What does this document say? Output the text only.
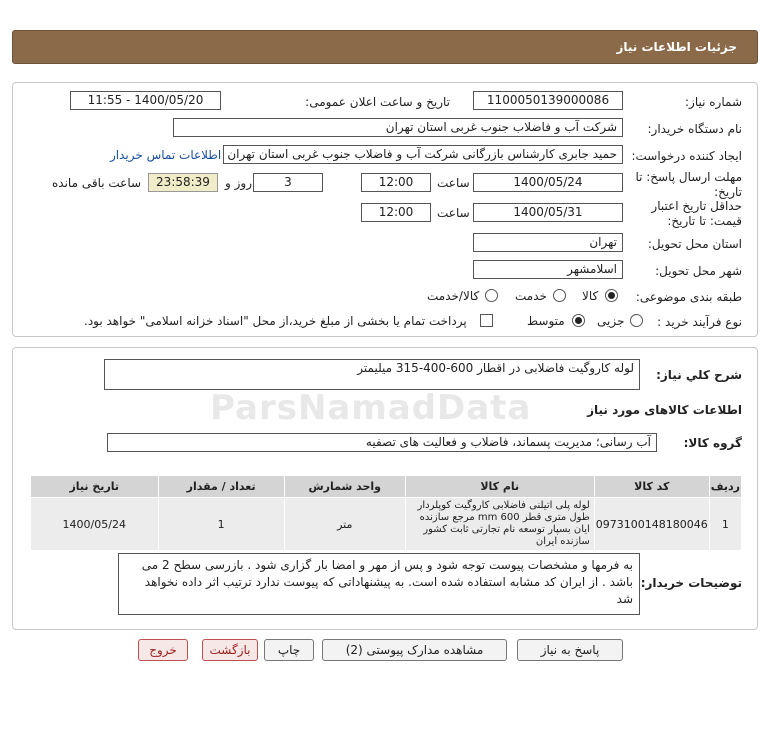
جزئیات اطلاعات نیاز
شماره نیاز:
1100050139000086
تاریخ و ساعت اعلان عمومی:
1400/05/20 - 11:55
نام دستگاه خریدار:
شرکت آب و فاضلاب جنوب غربی استان تهران
ایجاد کننده درخواست:
حمید جابری کارشناس بازرگانی شرکت آب و فاضلاب جنوب غربی استان تهران
اطلاعات تماس خریدار
مهلت ارسال پاسخ: تا تاریخ:
1400/05/24
ساعت
12:00
3
روز و
23:58:39
ساعت باقی مانده
حداقل تاریخ اعتبار قیمت: تا تاریخ:
1400/05/31
ساعت
12:00
استان محل تحویل:
تهران
شهر محل تحویل:
اسلامشهر
طبقه بندی موضوعی:
کالا
خدمت
کالا/خدمت
نوع فرآیند خرید :
جزیی
متوسط
پرداخت تمام یا بخشی از مبلغ خرید،از محل "اسناد خزانه اسلامی" خواهد بود.
شرح كلي نياز:
لوله کاروگیت فاضلابی در اقطار 600-400-315 میلیمتر
ParsNamadData	اطلاعات کالاهای مورد نیاز
گروه کالا:
آب رسانی؛ مدیریت پسماند، فاضلاب و فعالیت های تصفیه
ردیف	کد کالا	نام کالا	واحد شمارش	تعداد / مقدار	تاریخ نیاز
1	0973100148180046	لوله پلی اتیلنی فاضلابی کاروگیت کوپلردار طول متری قطر 600 mm مرجع سازنده ایان بسپار توسعه نام تجارتی ثابت کشور سازنده ایران	متر	1	1400/05/24
توضیحات خریدار:
به فرمها و مشخصات پیوست توجه شود و پس از مهر و امضا بار گزاری شود . بازرسی سطح 2 می باشد . از ایران کد مشابه استفاده شده است. به پیشنهاداتی که پیوست ندارد ترتیب اثر داده نخواهد شد
پاسخ به نیاز
مشاهده مدارک پیوستی (2)
چاپ
بازگشت
خروج
